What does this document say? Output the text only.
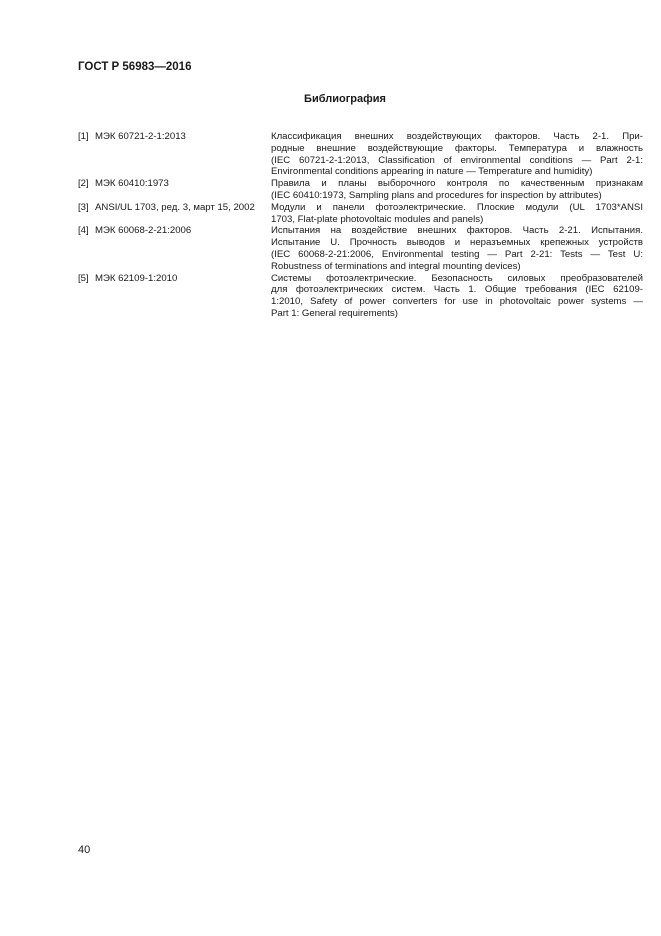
ГОСТ Р 56983—2016
Библиография
[1] МЭК 60721-2-1:2013	Классификация внешних воздействующих факторов. Часть 2-1. При-
родные внешние воздействующие факторы. Температура и влажность
(IEC 60721-2-1:2013, Classification of environmental conditions — Part 2-1:
Environmental conditions appearing in nature — Temperature and humidity)
[2] МЭК 60410:1973	Правила и планы выборочного контроля по качественным признакам
(IEC 60410:1973, Sampling plans and procedures for inspection by attributes)
[3] ANSI/UL 1703, ред. 3, март 15, 2002	Модули и панели фотоэлектрические. Плоские модули (UL 1703*ANSI
1703, Flat-plate photovoltaic modules and panels)
[4] МЭК 60068-2-21:2006	Испытания на воздействие внешних факторов. Часть 2-21. Испытания.
Испытание U. Прочность выводов и неразъемных крепежных устройств
(IEC 60068-2-21:2006, Environmental testing — Part 2-21: Tests — Test U:
Robustness of terminations and integral mounting devices)
[5] МЭК 62109-1:2010	Системы фотоэлектрические. Безопасность силовых преобразователей
для фотоэлектрических систем. Часть 1. Общие требования (IEC 62109-
1:2010, Safety of power converters for use in photovoltaic power systems —
Part 1: General requirements)
40
